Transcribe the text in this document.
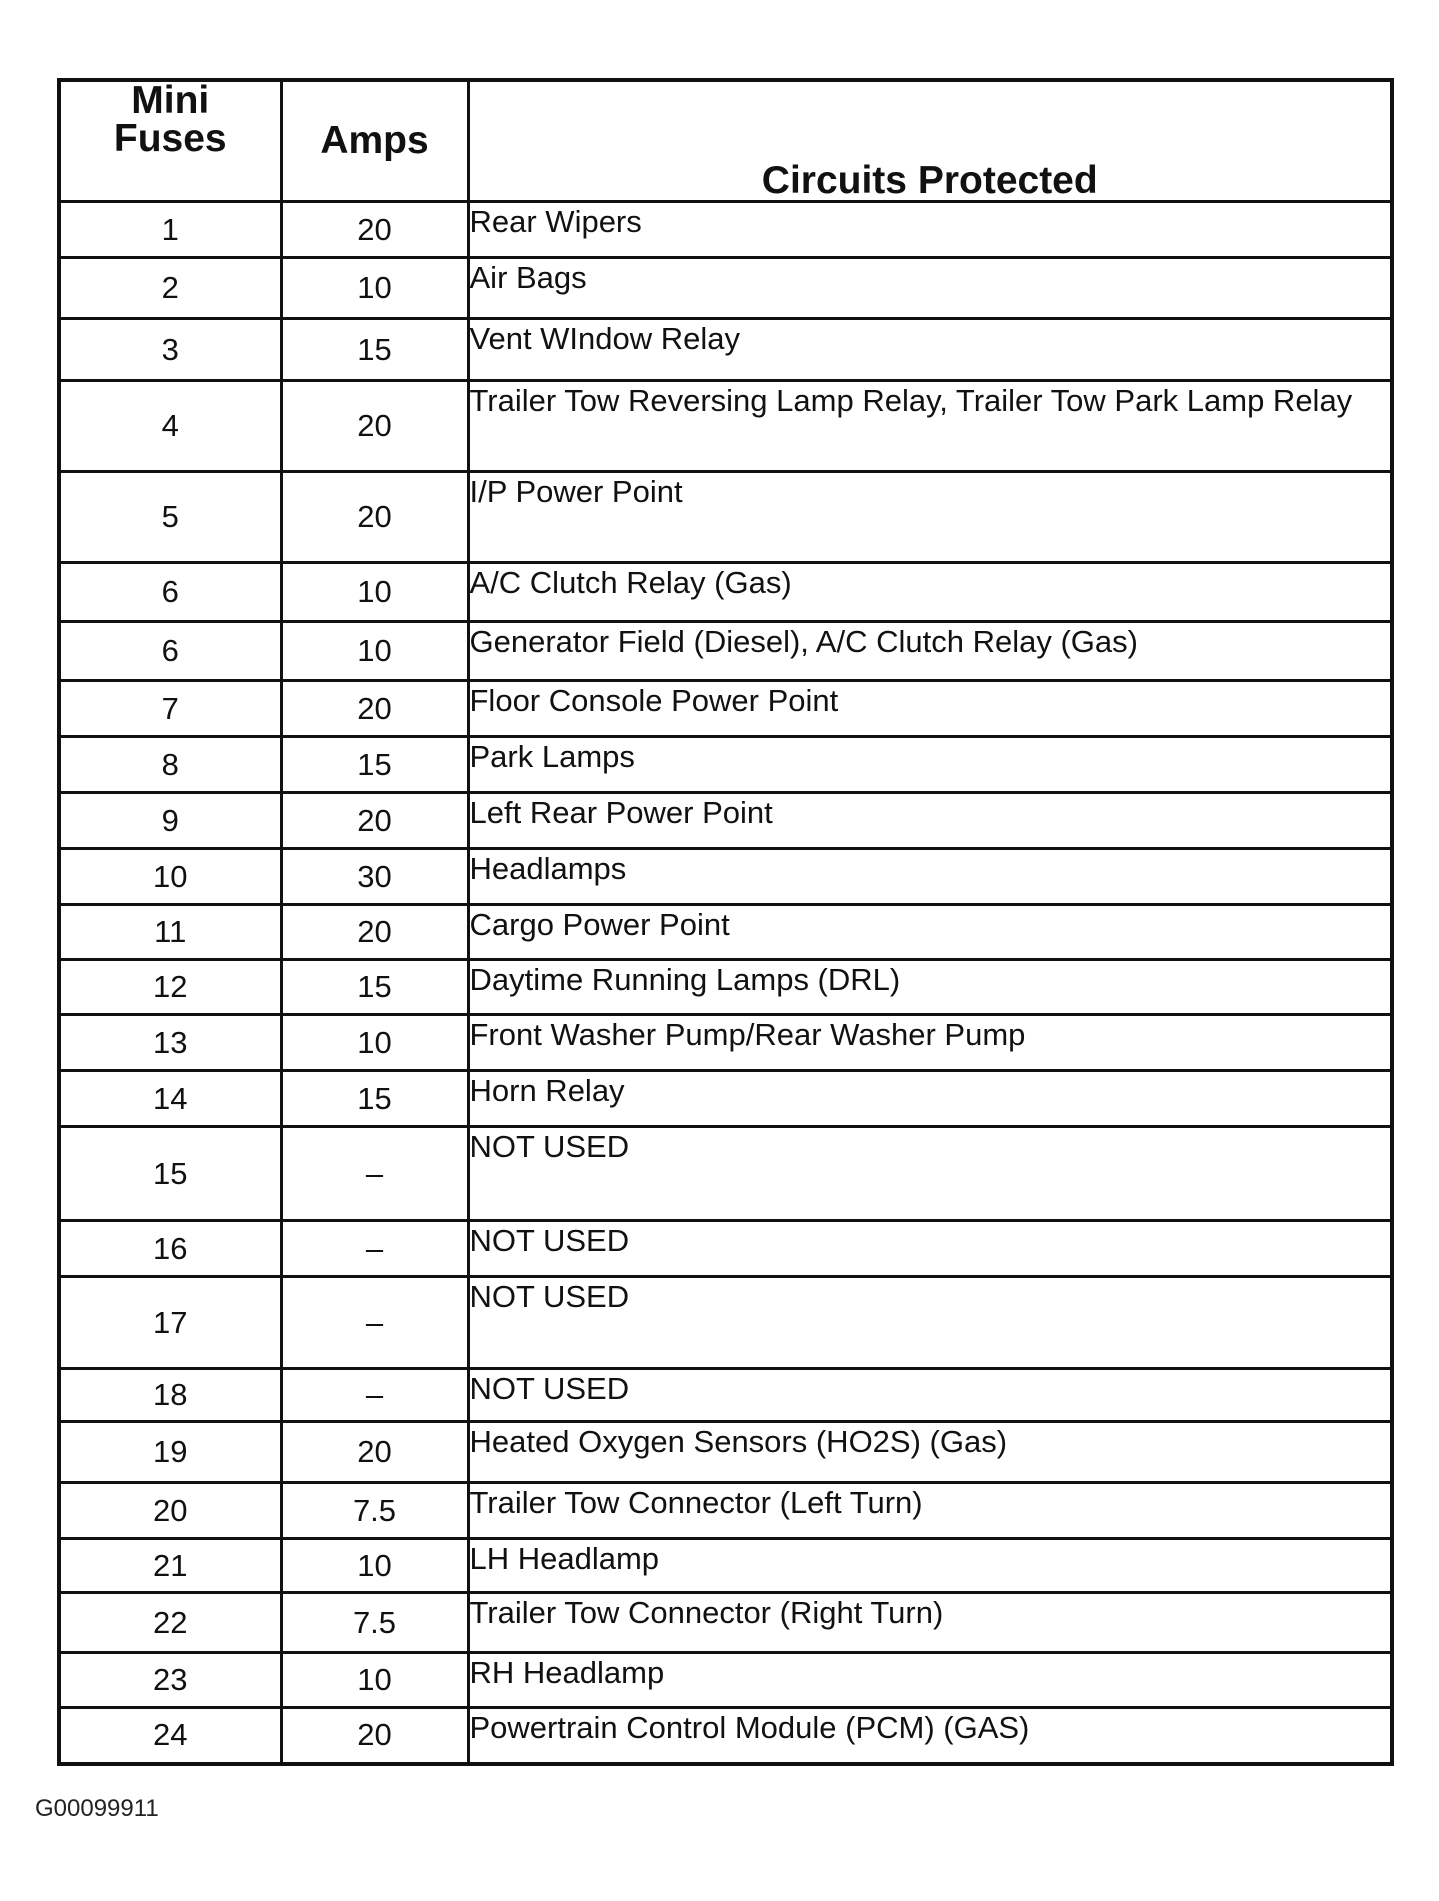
Mini
Fuses	Amps	Circuits Protected
1	20	Rear Wipers
2	10	Air Bags
3	15	Vent WIndow Relay
4	20	Trailer Tow Reversing Lamp Relay, Trailer Tow Park Lamp Relay
5	20	I/P Power Point
6	10	A/C Clutch Relay (Gas)
6	10	Generator Field (Diesel), A/C Clutch Relay (Gas)
7	20	Floor Console Power Point
8	15	Park Lamps
9	20	Left Rear Power Point
10	30	Headlamps
11	20	Cargo Power Point
12	15	Daytime Running Lamps (DRL)
13	10	Front Washer Pump/Rear Washer Pump
14	15	Horn Relay
15	–	NOT USED
16	–	NOT USED
17	–	NOT USED
18	–	NOT USED
19	20	Heated Oxygen Sensors (HO2S) (Gas)
20	7.5	Trailer Tow Connector (Left Turn)
21	10	LH Headlamp
22	7.5	Trailer Tow Connector (Right Turn)
23	10	RH Headlamp
24	20	Powertrain Control Module (PCM) (GAS)
G00099911
